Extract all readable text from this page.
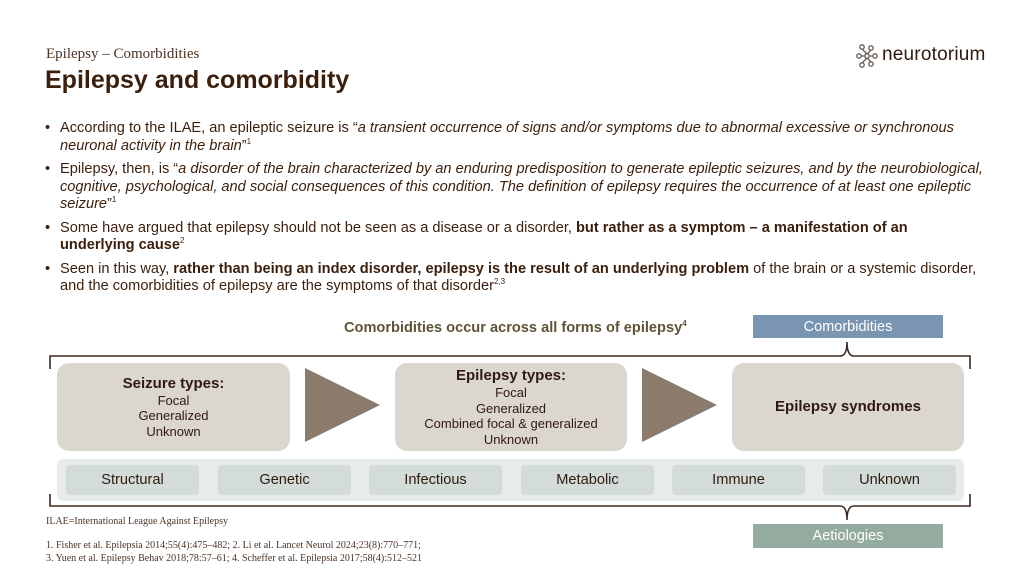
Epilepsy – Comorbidities
Epilepsy and comorbidity
neurotorium
• According to the ILAE, an epileptic seizure is “a transient occurrence of signs and/or symptoms due to abnormal excessive or synchronous neuronal activity in the brain”$^1$
• Epilepsy, then, is “a disorder of the brain characterized by an enduring predisposition to generate epileptic seizures, and by the neurobiological, cognitive, psychological, and social consequences of this condition. The definition of epilepsy requires the occurrence of at least one epileptic seizure”$^1$
• Some have argued that epilepsy should not be seen as a disease or a disorder, but rather as a symptom – a manifestation of an underlying cause$^2$
• Seen in this way, rather than being an index disorder, epilepsy is the result of an underlying problem of the brain or a systemic disorder, and the comorbidities of epilepsy are the symptoms of that disorder$^{2,3}$
Comorbidities occur across all forms of epilepsy$^4$	Comorbidities
Seizure types:
Focal
Generalized
Unknown
Epilepsy types:
Focal
Generalized
Combined focal & generalized
Unknown
Epilepsy syndromes
Structural	Genetic	Infectious	Metabolic	Immune	Unknown
Aetiologies
ILAE=International League Against Epilepsy
1. Fisher et al. Epilepsia 2014;55(4):475–482; 2. Li et al. Lancet Neurol 2024;23(8):770–771;
3. Yuen et al. Epilepsy Behav 2018;78:57–61; 4. Scheffer et al. Epilepsia 2017;58(4):512–521
